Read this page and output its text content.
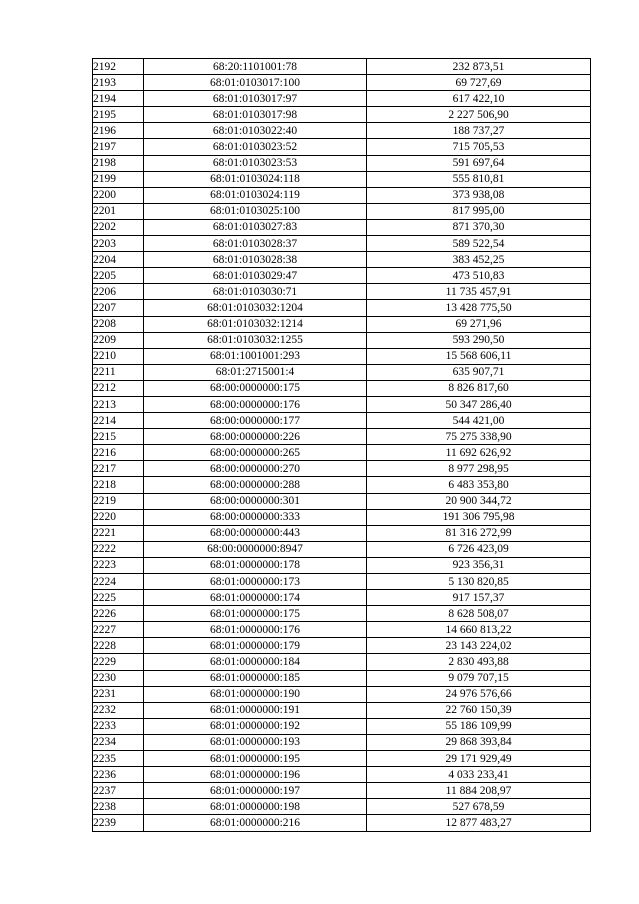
2192	68:20:1101001:78	232 873,51
2193	68:01:0103017:100	69 727,69
2194	68:01:0103017:97	617 422,10
2195	68:01:0103017:98	2 227 506,90
2196	68:01:0103022:40	188 737,27
2197	68:01:0103023:52	715 705,53
2198	68:01:0103023:53	591 697,64
2199	68:01:0103024:118	555 810,81
2200	68:01:0103024:119	373 938,08
2201	68:01:0103025:100	817 995,00
2202	68:01:0103027:83	871 370,30
2203	68:01:0103028:37	589 522,54
2204	68:01:0103028:38	383 452,25
2205	68:01:0103029:47	473 510,83
2206	68:01:0103030:71	11 735 457,91
2207	68:01:0103032:1204	13 428 775,50
2208	68:01:0103032:1214	69 271,96
2209	68:01:0103032:1255	593 290,50
2210	68:01:1001001:293	15 568 606,11
2211	68:01:2715001:4	635 907,71
2212	68:00:0000000:175	8 826 817,60
2213	68:00:0000000:176	50 347 286,40
2214	68:00:0000000:177	544 421,00
2215	68:00:0000000:226	75 275 338,90
2216	68:00:0000000:265	11 692 626,92
2217	68:00:0000000:270	8 977 298,95
2218	68:00:0000000:288	6 483 353,80
2219	68:00:0000000:301	20 900 344,72
2220	68:00:0000000:333	191 306 795,98
2221	68:00:0000000:443	81 316 272,99
2222	68:00:0000000:8947	6 726 423,09
2223	68:01:0000000:178	923 356,31
2224	68:01:0000000:173	5 130 820,85
2225	68:01:0000000:174	917 157,37
2226	68:01:0000000:175	8 628 508,07
2227	68:01:0000000:176	14 660 813,22
2228	68:01:0000000:179	23 143 224,02
2229	68:01:0000000:184	2 830 493,88
2230	68:01:0000000:185	9 079 707,15
2231	68:01:0000000:190	24 976 576,66
2232	68:01:0000000:191	22 760 150,39
2233	68:01:0000000:192	55 186 109,99
2234	68:01:0000000:193	29 868 393,84
2235	68:01:0000000:195	29 171 929,49
2236	68:01:0000000:196	4 033 233,41
2237	68:01:0000000:197	11 884 208,97
2238	68:01:0000000:198	527 678,59
2239	68:01:0000000:216	12 877 483,27
